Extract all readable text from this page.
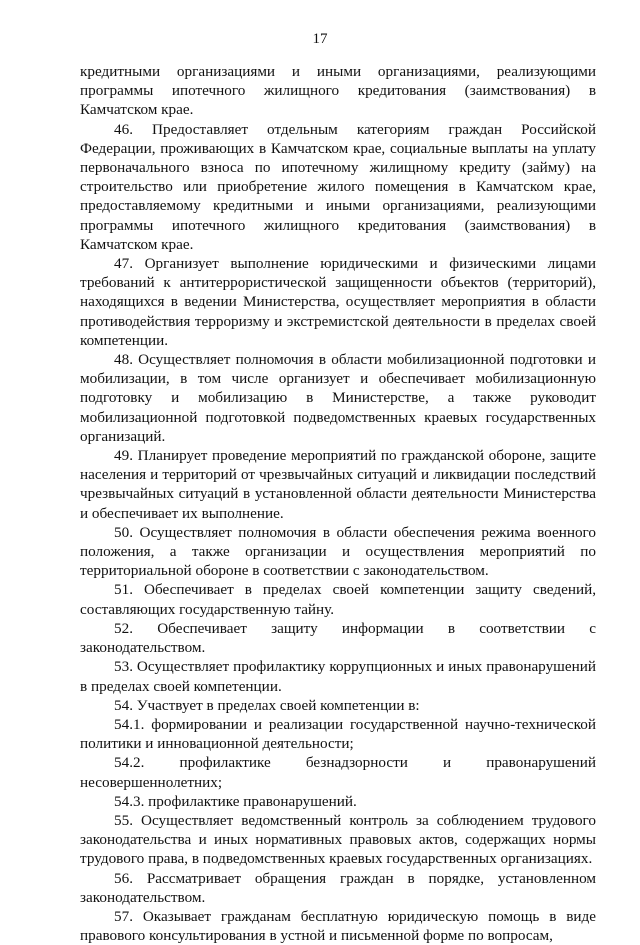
17

кредитными организациями и иными организациями, реализующими программы ипотечного жилищного кредитования (заимствования) в Камчатском крае.

46. Предоставляет отдельным категориям граждан Российской Федерации, проживающих в Камчатском крае, социальные выплаты на уплату первоначального взноса по ипотечному жилищному кредиту (займу) на строительство или приобретение жилого помещения в Камчатском крае, предоставляемому кредитными и иными организациями, реализующими программы ипотечного жилищного кредитования (заимствования) в Камчатском крае.

47. Организует выполнение юридическими и физическими лицами требований к антитеррористической защищенности объектов (территорий), находящихся в ведении Министерства, осуществляет мероприятия в области противодействия терроризму и экстремистской деятельности в пределах своей компетенции.

48. Осуществляет полномочия в области мобилизационной подготовки и мобилизации, в том числе организует и обеспечивает мобилизационную подготовку и мобилизацию в Министерстве, а также руководит мобилизационной подготовкой подведомственных краевых государственных организаций.

49. Планирует проведение мероприятий по гражданской обороне, защите населения и территорий от чрезвычайных ситуаций и ликвидации последствий чрезвычайных ситуаций в установленной области деятельности Министерства и обеспечивает их выполнение.

50. Осуществляет полномочия в области обеспечения режима военного положения, а также организации и осуществления мероприятий по территориальной обороне в соответствии с законодательством.

51. Обеспечивает в пределах своей компетенции защиту сведений, составляющих государственную тайну.

52. Обеспечивает защиту информации в соответствии с законодательством.

53. Осуществляет профилактику коррупционных и иных правонарушений в пределах своей компетенции.

54. Участвует в пределах своей компетенции в:

54.1. формировании и реализации государственной научно-технической политики и инновационной деятельности;

54.2. профилактике безнадзорности и правонарушений несовершеннолетних;

54.3. профилактике правонарушений.

55. Осуществляет ведомственный контроль за соблюдением трудового законодательства и иных нормативных правовых актов, содержащих нормы трудового права, в подведомственных краевых государственных организациях.

56. Рассматривает обращения граждан в порядке, установленном законодательством.

57. Оказывает гражданам бесплатную юридическую помощь в виде правового консультирования в устной и письменной форме по вопросам,
